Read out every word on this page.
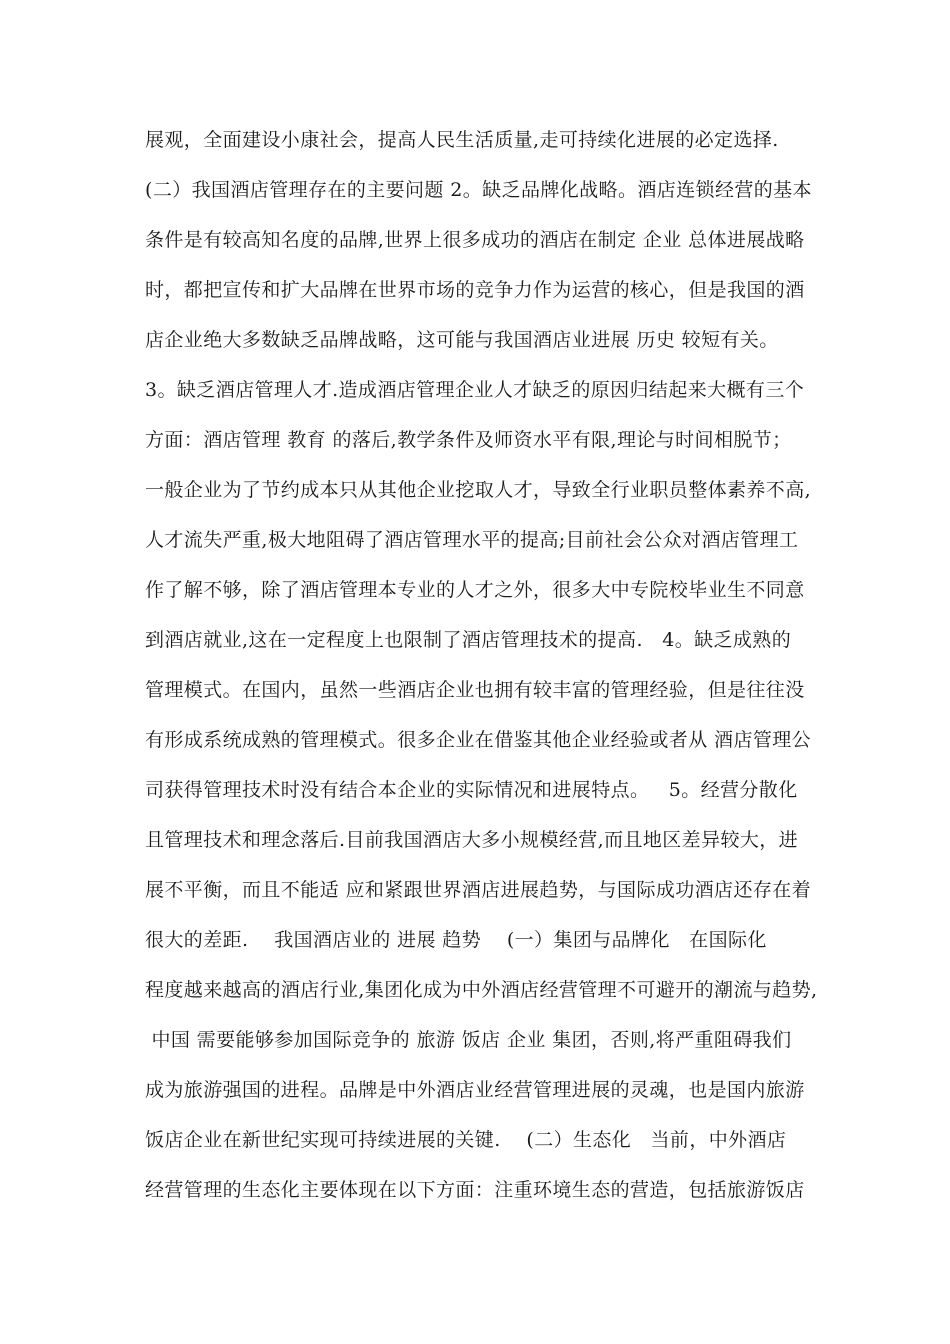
展观，全面建设小康社会，提高人民生活质量,走可持续化进展的必定选择.
(二）我国酒店管理存在的主要问题 2。缺乏品牌化战略。酒店连锁经营的基本
条件是有较高知名度的品牌,世界上很多成功的酒店在制定 企业 总体进展战略
时，都把宣传和扩大品牌在世界市场的竞争力作为运营的核心，但是我国的酒
店企业绝大多数缺乏品牌战略，这可能与我国酒店业进展 历史 较短有关。
3。缺乏酒店管理人才.造成酒店管理企业人才缺乏的原因归结起来大概有三个
方面：酒店管理 教育 的落后,教学条件及师资水平有限,理论与时间相脱节；
一般企业为了节约成本只从其他企业挖取人才，导致全行业职员整体素养不高,
人才流失严重,极大地阻碍了酒店管理水平的提高;目前社会公众对酒店管理工
作了解不够，除了酒店管理本专业的人才之外，很多大中专院校毕业生不同意
到酒店就业,这在一定程度上也限制了酒店管理技术的提高.   4。缺乏成熟的
管理模式。在国内，虽然一些酒店企业也拥有较丰富的管理经验，但是往往没
有形成系统成熟的管理模式。很多企业在借鉴其他企业经验或者从 酒店管理公
司获得管理技术时没有结合本企业的实际情况和进展特点。   5。经营分散化
且管理技术和理念落后.目前我国酒店大多小规模经营,而且地区差异较大，进
展不平衡，而且不能适 应和紧跟世界酒店进展趋势，与国际成功酒店还存在着
很大的差距.    我国酒店业的 进展 趋势    (一）集团与品牌化   在国际化
程度越来越高的酒店行业,集团化成为中外酒店经营管理不可避开的潮流与趋势,
中国 需要能够参加国际竞争的 旅游 饭店 企业 集团，否则,将严重阻碍我们
成为旅游强国的进程。品牌是中外酒店业经营管理进展的灵魂，也是国内旅游
饭店企业在新世纪实现可持续进展的关键.    (二）生态化   当前，中外酒店
经营管理的生态化主要体现在以下方面：注重环境生态的营造，包括旅游饭店
